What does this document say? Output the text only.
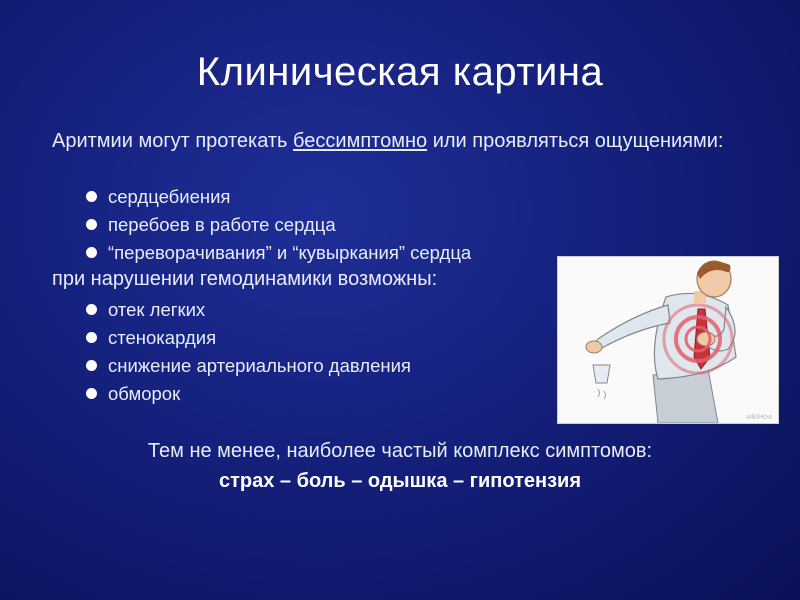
Клиническая картина
Аритмии могут протекать бессимптомно или проявляться ощущениями:
сердцебиения
перебоев в работе сердца
“переворачивания” и “кувыркания” сердца
при нарушении гемодинамики возможны:
отек легких
стенокардия
снижение артериального давления
обморок
wikiHow
Тем не менее, наиболее частый комплекс симптомов:
страх – боль – одышка – гипотензия
